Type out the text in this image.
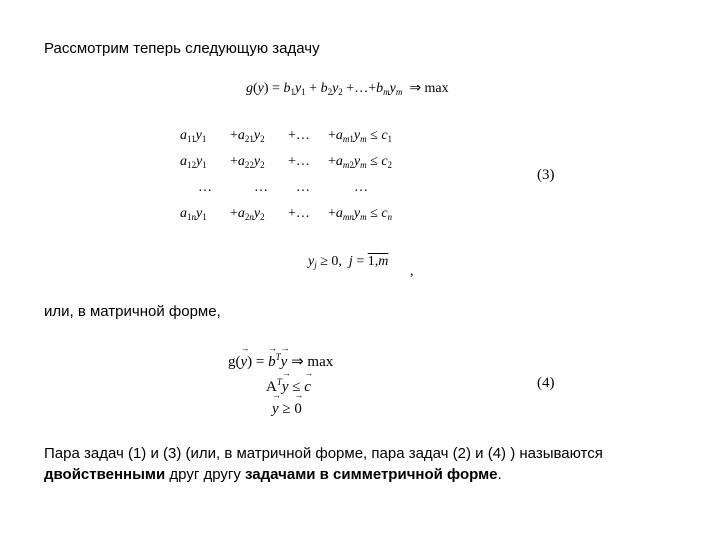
Рассмотрим теперь следующую задачу
$g(y) = b_1y_1 + b_2y_2$ $+\dots+b_my_m$  ⇒ max
$a_{11}y_1 +a_{21}y_2$ +… $+a_{m1}y_m \le c_1$
$a_{12}y_1 +a_{22}y_2$ +… $+a_{m2}y_m \le c_2$
…	… …	…
$a_{1n}y_1 +a_{2n}y_2$ +… $+a_{mn}y_m \le c_n$
(3)
$y_j \ge 0$,  j = 1,m
,
или, в матричной форме,
g(→ y) = → $b^T\to y$ ⇒ max
$A^T\to y$ ≤ → c
→ y ≥ → 0
(4)
Пара задач (1) и (3) (или, в матричной форме, пара задач (2) и (4) ) называются
двойственными друг другу задачами в симметричной форме.
